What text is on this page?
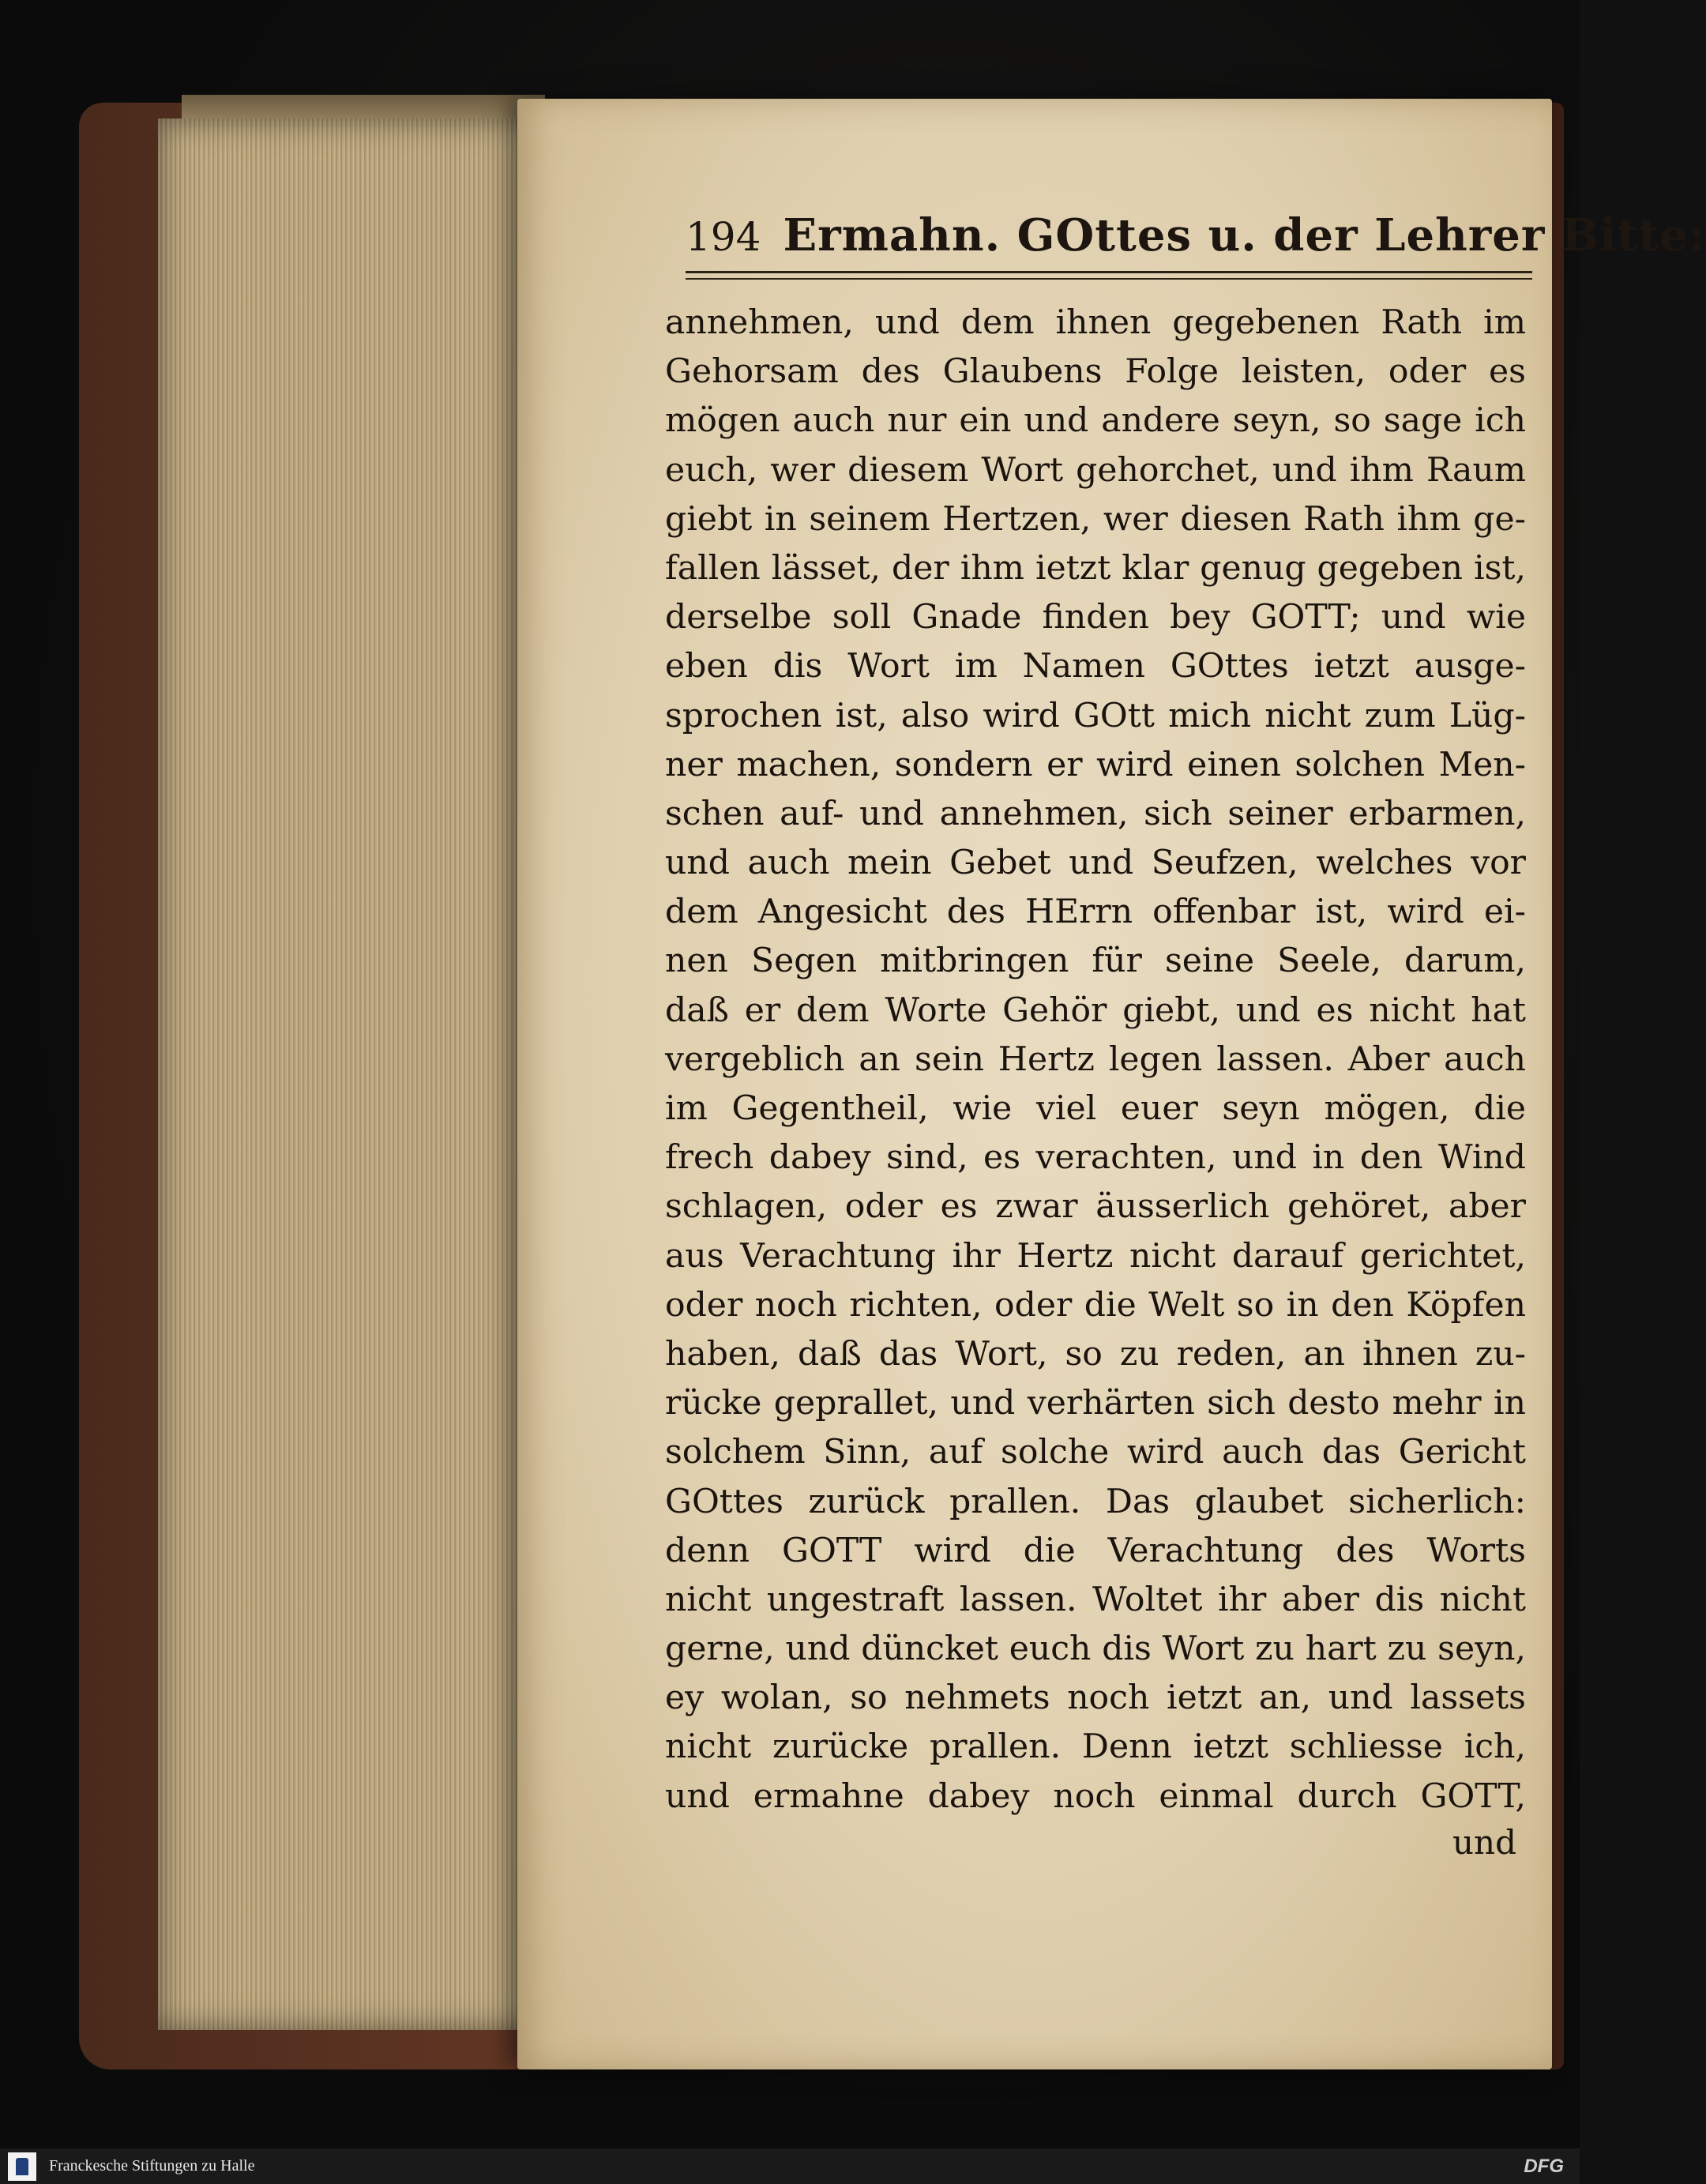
194 Ermahn. GOttes u. der Lehrer Bitte:
annehmen, und dem ihnen gegebenen Rath im
Gehorsam des Glaubens Folge leisten, oder es
mögen auch nur ein und andere seyn, so sage ich
euch, wer diesem Wort gehorchet, und ihm Raum
giebt in seinem Hertzen, wer diesen Rath ihm ge-
fallen lässet, der ihm ietzt klar genug gegeben ist,
derselbe soll Gnade finden bey GOTT; und wie
eben dis Wort im Namen GOttes ietzt ausge-
sprochen ist, also wird GOtt mich nicht zum Lüg-
ner machen, sondern er wird einen solchen Men-
schen auf- und annehmen, sich seiner erbarmen,
und auch mein Gebet und Seufzen, welches vor
dem Angesicht des HErrn offenbar ist, wird ei-
nen Segen mitbringen für seine Seele, darum,
daß er dem Worte Gehör giebt, und es nicht hat
vergeblich an sein Hertz legen lassen. Aber auch
im Gegentheil, wie viel euer seyn mögen, die
frech dabey sind, es verachten, und in den Wind
schlagen, oder es zwar äusserlich gehöret, aber
aus Verachtung ihr Hertz nicht darauf gerichtet,
oder noch richten, oder die Welt so in den Köpfen
haben, daß das Wort, so zu reden, an ihnen zu-
rücke geprallet, und verhärten sich desto mehr in
solchem Sinn, auf solche wird auch das Gericht
GOttes zurück prallen. Das glaubet sicherlich:
denn GOTT wird die Verachtung des Worts
nicht ungestraft lassen. Woltet ihr aber dis nicht
gerne, und düncket euch dis Wort zu hart zu seyn,
ey wolan, so nehmets noch ietzt an, und lassets
nicht zurücke prallen. Denn ietzt schliesse ich,
und ermahne dabey noch einmal durch GOTT,
und
Franckesche Stiftungen zu Halle	DFG
